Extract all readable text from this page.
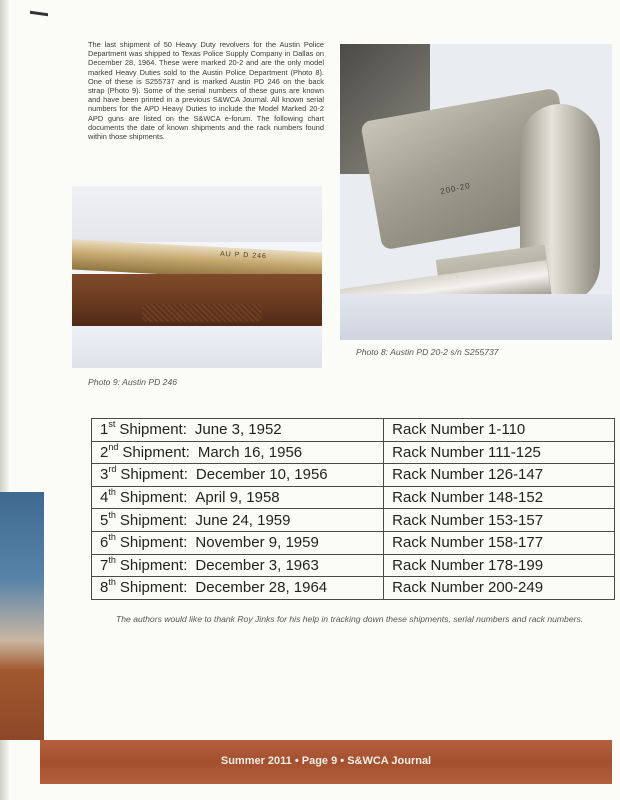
The last shipment of 50 Heavy Duty revolvers for the Austin Police Department was shipped to Texas Police Supply Company in Dallas on December 28, 1964. These were marked 20-2 and are the only model marked Heavy Duties sold to the Austin Police Department (Photo 8). One of these is S255737 and is marked Austin PD 246 on the back strap (Photo 9). Some of the serial numbers of these guns are known and have been printed in a previous S&WCA Journal. All known serial numbers for the APD Heavy Duties to include the Model Marked 20-2 APD guns are listed on the S&WCA e-forum. The following chart documents the date of known shipments and the rack numbers found within those shipments.

AU P D 246
Photo 9: Austin PD 246
200-20
Photo 8: Austin PD 20-2 s/n S255737
1st Shipment: June 3, 1952	Rack Number 1-110
2nd Shipment: March 16, 1956	Rack Number 111-125
3rd Shipment: December 10, 1956	Rack Number 126-147
4th Shipment: April 9, 1958	Rack Number 148-152
5th Shipment: June 24, 1959	Rack Number 153-157
6th Shipment: November 9, 1959	Rack Number 158-177
7th Shipment: December 3, 1963	Rack Number 178-199
8th Shipment: December 28, 1964	Rack Number 200-249

The authors would like to thank Roy Jinks for his help in tracking down these shipments, serial numbers and rack numbers.

Summer 2011 • Page 9 • S&WCA Journal
